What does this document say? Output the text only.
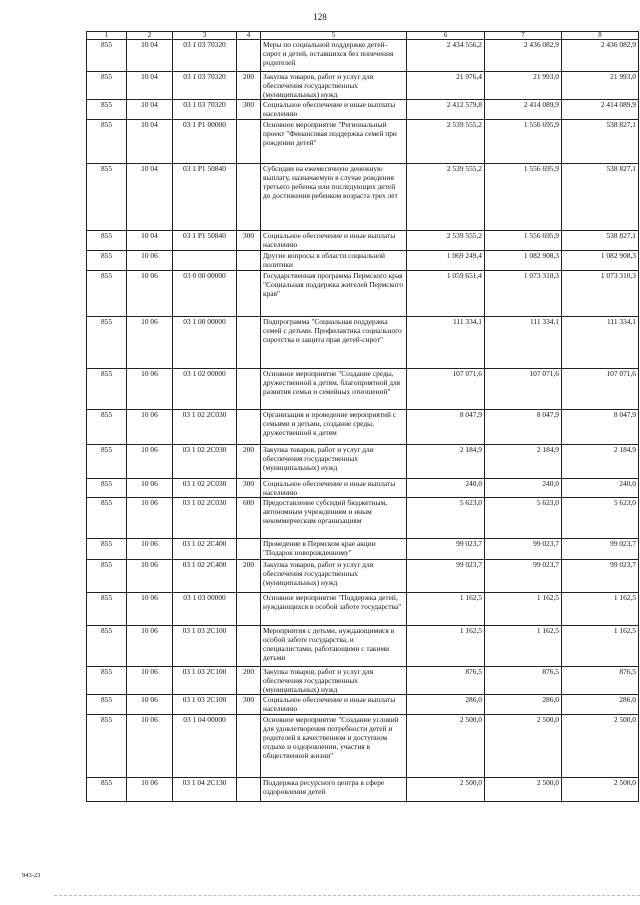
128
1	2	3	4	5	6	7	8
855	10 04	03 1 03 70320		Меры по социальной поддержке детей-сирот и детей, оставшихся без попечения родителей	2 434 556,2	2 436 082,9	2 436 082,9
855	10 04	03 1 03 70320	200	Закупка товаров, работ и услуг для обеспечения государственных (муниципальных) нужд	21 976,4	21 993,0	21 993,0
855	10 04	03 1 03 70320	300	Социальное обеспечение и иные выплаты населению	2 412 579,8	2 414 089,9	2 414 089,9
855	10 04	03 1 P1 00000		Основное мероприятие "Региональный проект "Финансовая поддержка семей при рождении детей"	2 539 555,2	1 556 695,9	538 827,1
855	10 04	03 1 P1 50840		Субсидии на ежемесячную денежную выплату, назначаемую в случае рождения третьего ребенка или последующих детей до достижения ребенком возраста трех лет	2 539 555,2	1 556 695,9	538 827,1
855	10 04	03 1 P1 50840	300	Социальное обеспечение и иные выплаты населению	2 539 555,2	1 556 695,9	538 827,1
855	10 06			Другие вопросы в области социальной политики	1 069 249,4	1 082 908,3	1 082 908,3
855	10 06	03 0 00 00000		Государственная программа Пермского края "Социальная поддержка жителей Пермского края"	1 059 651,4	1 073 310,3	1 073 310,3
855	10 06	03 1 00 00000		Подпрограмма "Социальная поддержка семей с детьми. Профилактика социального сиротства и защита прав детей-сирот"	111 334,1	111 334,1	111 334,1
855	10 06	03 1 02 00000		Основное мероприятие "Создание среды, дружественной к детям, благоприятной для развития семьи и семейных отношений"	107 071,6	107 071,6	107 071,6
855	10 06	03 1 02 2C030		Организация и проведение мероприятий с семьями и детьми, создание среды, дружественной к детям	8 047,9	8 047,9	8 047,9
855	10 06	03 1 02 2C030	200	Закупка товаров, работ и услуг для обеспечения государственных (муниципальных) нужд	2 184,9	2 184,9	2 184,9
855	10 06	03 1 02 2C030	300	Социальное обеспечение и иные выплаты населению	240,0	240,0	240,0
855	10 06	03 1 02 2C030	600	Предоставление субсидий бюджетным, автономным учреждениям и иным некоммерческим организациям	5 623,0	5 623,0	5 623,0
855	10 06	03 1 02 2C400		Проведение в Пермском крае акции "Подарок новорожденному"	99 023,7	99 023,7	99 023,7
855	10 06	03 1 02 2C400	200	Закупка товаров, работ и услуг для обеспечения государственных (муниципальных) нужд	99 023,7	99 023,7	99 023,7
855	10 06	03 1 03 00000		Основное мероприятие "Поддержка детей, нуждающихся в особой заботе государства"	1 162,5	1 162,5	1 162,5
855	10 06	03 1 03 2C100		Мероприятия с детьми, нуждающимися в особой заботе государства, и специалистами, работающими с такими детьми	1 162,5	1 162,5	1 162,5
855	10 06	03 1 03 2C100	200	Закупка товаров, работ и услуг для обеспечения государственных (муниципальных) нужд	876,5	876,5	876,5
855	10 06	03 1 03 2C100	300	Социальное обеспечение и иные выплаты населению	286,0	286,0	286,0
855	10 06	03 1 04 00000		Основное мероприятие "Создание условий для удовлетворения потребности детей и родителей в качественном и доступном отдыхе и оздоровлении, участия в общественной жизни"	2 500,0	2 500,0	2 500,0
855	10 06	03 1 04 2C130		Поддержка ресурсного центра в сфере оздоровления детей	2 500,0	2 500,0	2 500,0
943-23
